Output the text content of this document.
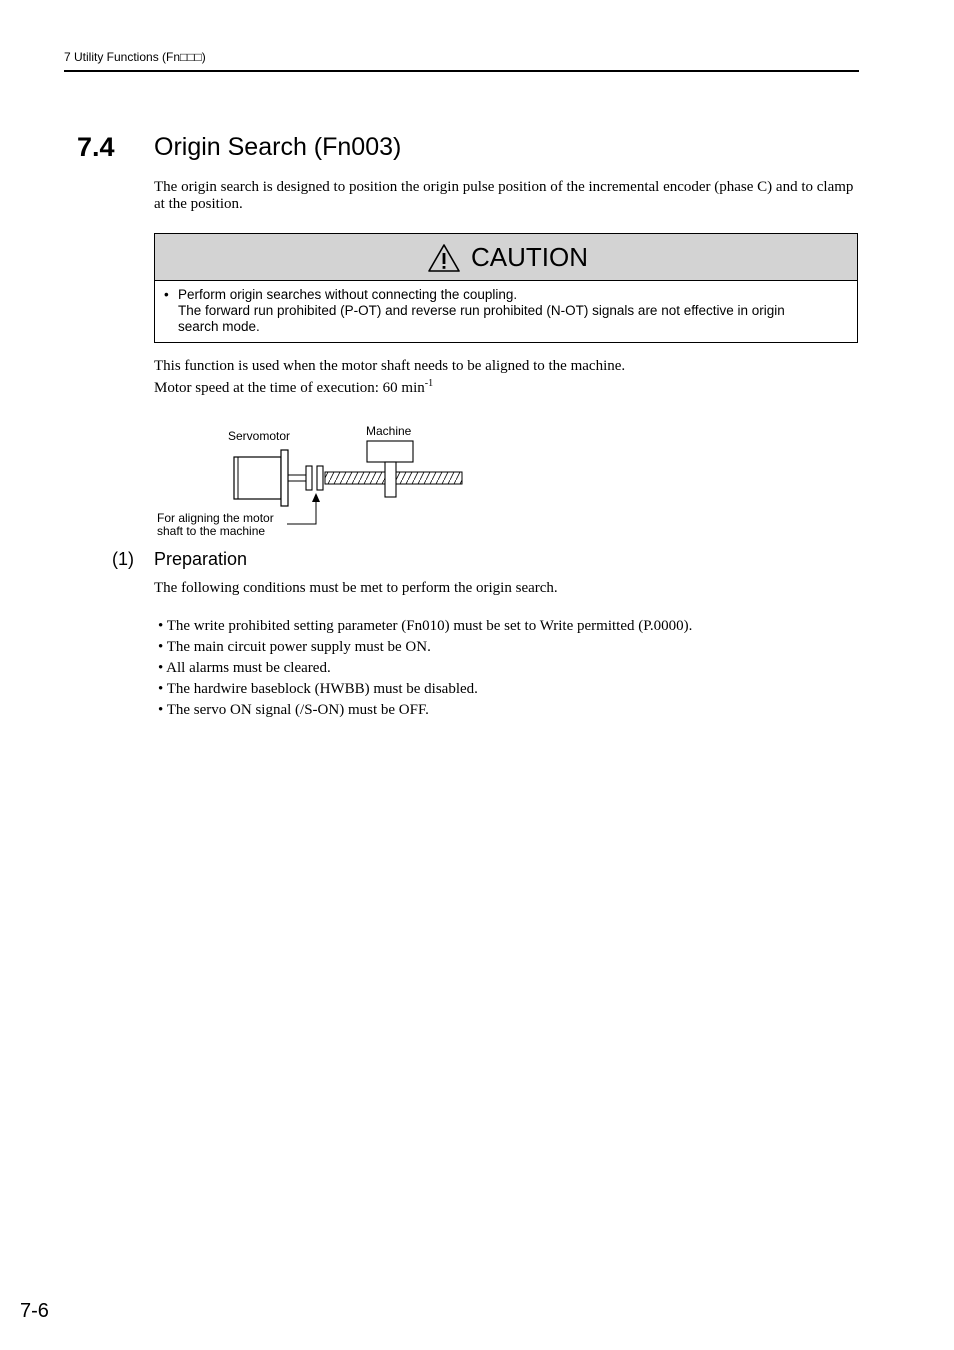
7 Utility Functions (Fn□□□)
7.4 Origin Search (Fn003)
The origin search is designed to position the origin pulse position of the incremental encoder (phase C) and to clamp at the position.
CAUTION
• Perform origin searches without connecting the coupling.
The forward run prohibited (P-OT) and reverse run prohibited (N-OT) signals are not effective in origin
search mode.
This function is used when the motor shaft needs to be aligned to the machine.
Motor speed at the time of execution: 60 $\min^{-1}$
Servomotor	Machine
For aligning the motor
shaft to the machine
(1) Preparation
The following conditions must be met to perform the origin search.
• The write prohibited setting parameter (Fn010) must be set to Write permitted (P.0000).
• The main circuit power supply must be ON.
• All alarms must be cleared.
• The hardwire baseblock (HWBB) must be disabled.
• The servo ON signal (/S-ON) must be OFF.
7-6
